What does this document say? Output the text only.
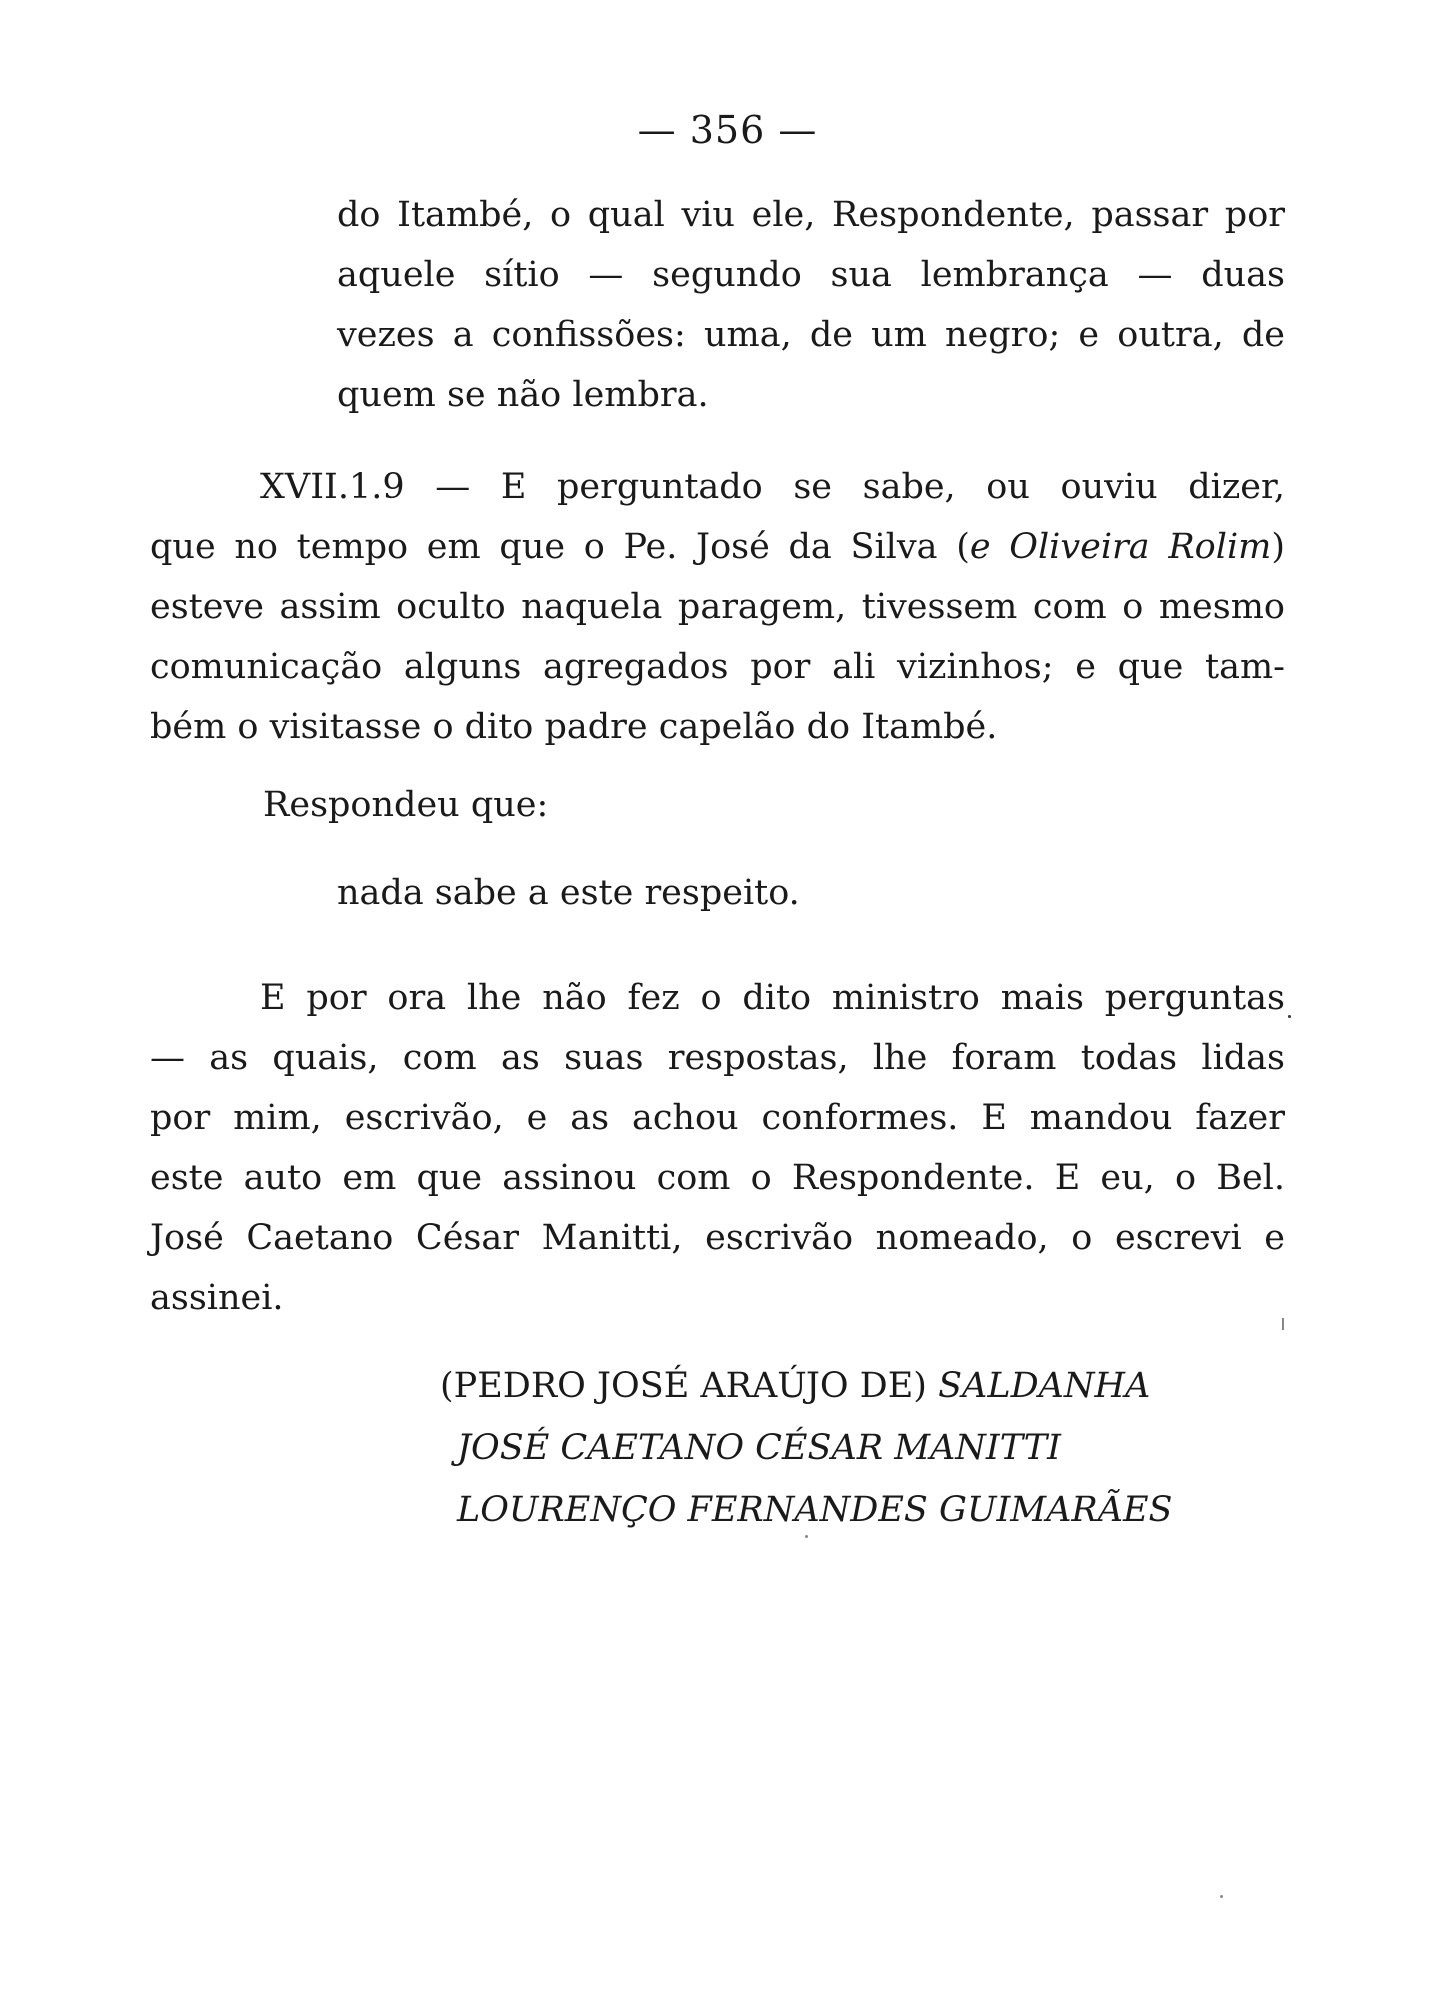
— 356 —
do Itambé, o qual viu ele, Respondente, passar por
aquele sítio — segundo sua lembrança — duas
vezes a confissões: uma, de um negro; e outra, de
quem se não lembra.
XVII.1.9 — E perguntado se sabe, ou ouviu dizer,
que no tempo em que o Pe. José da Silva (e Oliveira Rolim)
esteve assim oculto naquela paragem, tivessem com o mesmo
comunicação alguns agregados por ali vizinhos; e que tam-
bém o visitasse o dito padre capelão do Itambé.
Respondeu que:
nada sabe a este respeito.
E por ora lhe não fez o dito ministro mais perguntas
— as quais, com as suas respostas, lhe foram todas lidas
por mim, escrivão, e as achou conformes. E mandou fazer
este auto em que assinou com o Respondente. E eu, o Bel.
José Caetano César Manitti, escrivão nomeado, o escrevi e
assinei.
(PEDRO JOSÉ ARAÚJO DE) SALDANHA
JOSÉ CAETANO CÉSAR MANITTI
LOURENÇO FERNANDES GUIMARÃES
